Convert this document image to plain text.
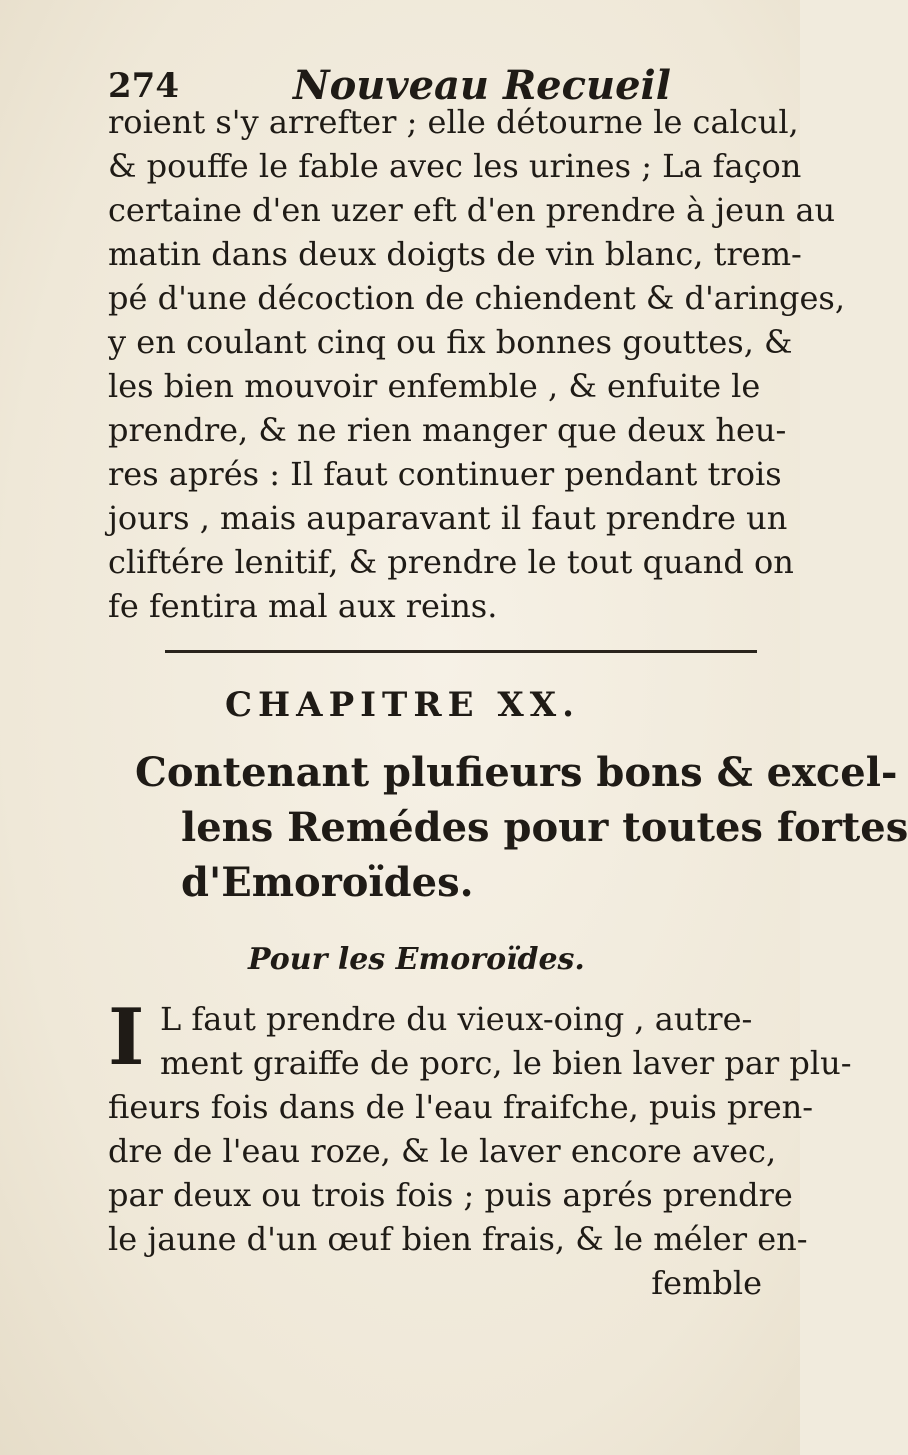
274	Nouveau Recueil
roient s'y arrefter ; elle détourne le calcul,
& pouffe le fable avec les urines ; La façon
certaine d'en uzer eft d'en prendre à jeun au
matin dans deux doigts de vin blanc, trem-
pé d'une décoction de chiendent & d'aringes,
y en coulant cinq ou fix bonnes gouttes, &
les bien mouvoir enfemble , & enfuite le
prendre, & ne rien manger que deux heu-
res aprés : Il faut continuer pendant trois
jours , mais auparavant il faut prendre un
cliftére lenitif, & prendre le tout quand on
fe fentira mal aux reins.
CHAPITRE XX.
Contenant plufieurs bons & excel-
lens Remédes pour toutes fortes
d'Emoroïdes.
Pour les Emoroïdes.
I L faut prendre du vieux-oing , autre-
ment graiffe de porc, le bien laver par plu-
fieurs fois dans de l'eau fraifche, puis pren-
dre de l'eau roze, & le laver encore avec,
par deux ou trois fois ; puis aprés prendre
le jaune d'un œuf bien frais, & le méler en-
femble
